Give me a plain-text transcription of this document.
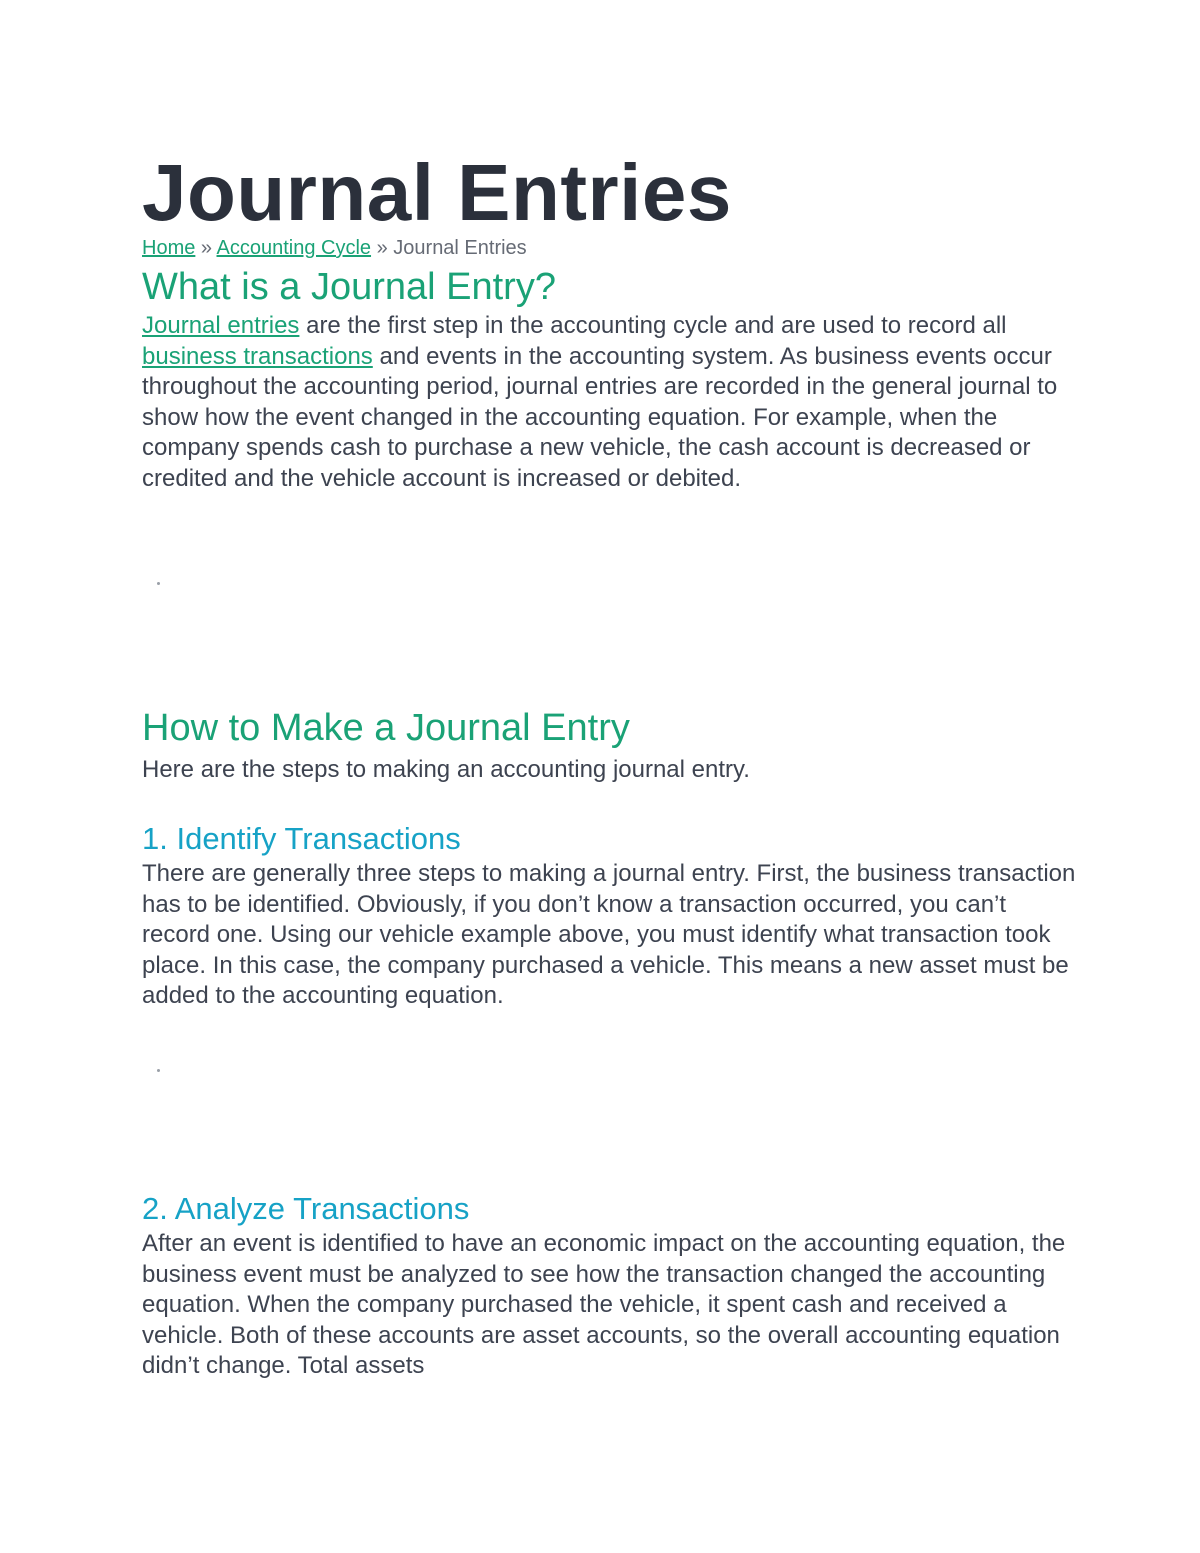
Journal Entries
Home » Accounting Cycle » Journal Entries
What is a Journal Entry?

Journal entries are the first step in the accounting cycle and are used to record all business transactions and events in the accounting system. As business events occur throughout the accounting period, journal entries are recorded in the general journal to show how the event changed in the accounting equation. For example, when the company spends cash to purchase a new vehicle, the cash account is decreased or credited and the vehicle account is increased or debited.

How to Make a Journal Entry

Here are the steps to making an accounting journal entry.

1. Identify Transactions

There are generally three steps to making a journal entry. First, the business transaction has to be identified. Obviously, if you don’t know a transaction occurred, you can’t record one. Using our vehicle example above, you must identify what transaction took place. In this case, the company purchased a vehicle. This means a new asset must be added to the accounting equation.

2. Analyze Transactions

After an event is identified to have an economic impact on the accounting equation, the business event must be analyzed to see how the transaction changed the accounting equation. When the company purchased the vehicle, it spent cash and received a vehicle. Both of these accounts are asset accounts, so the overall accounting equation didn’t change. Total assets
